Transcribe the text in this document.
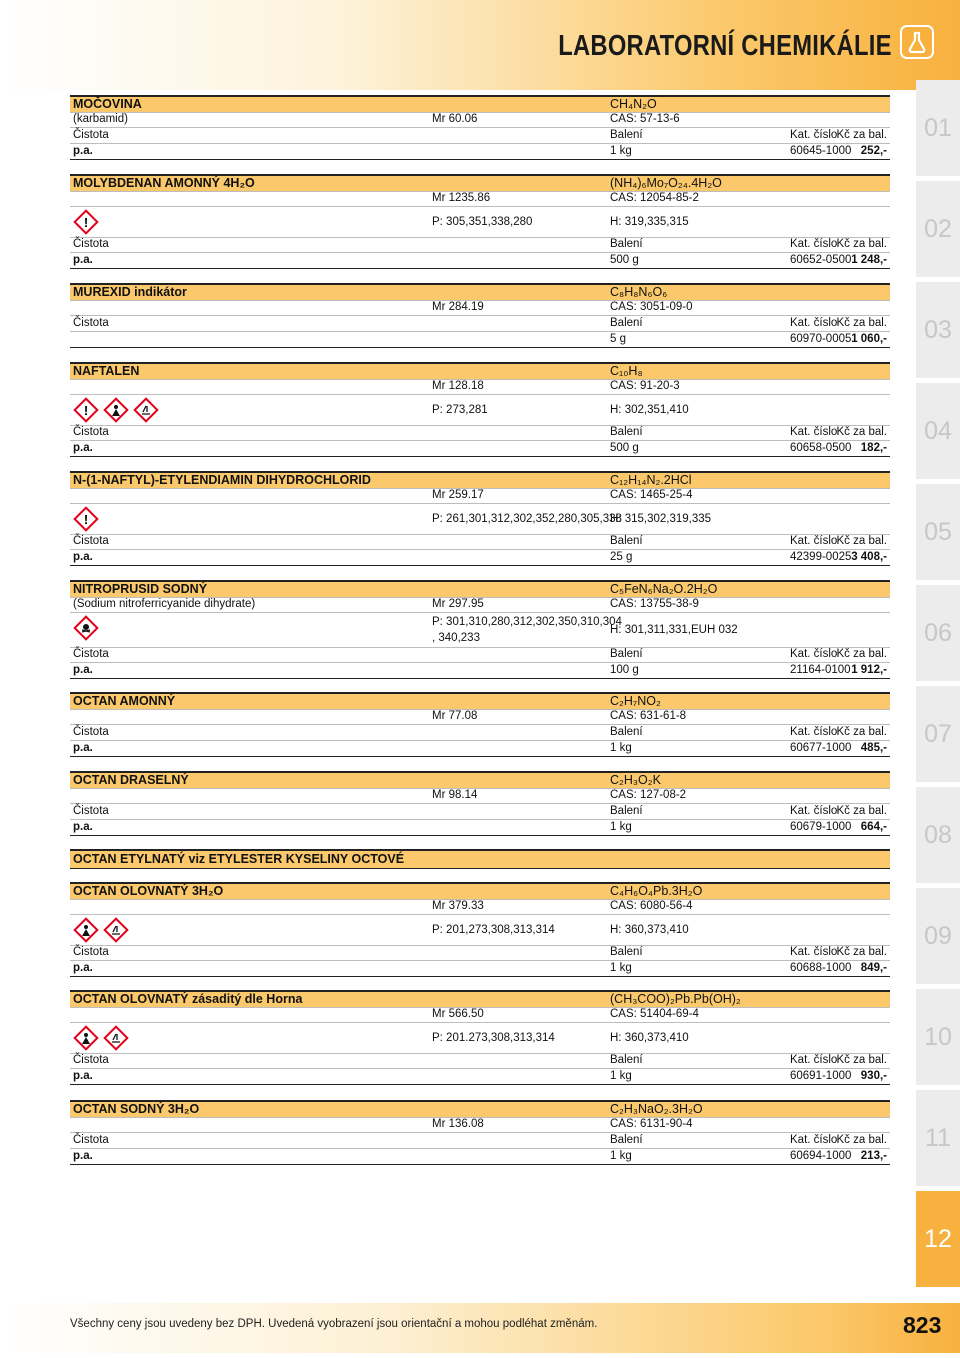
LABORATORNÍ CHEMIKÁLIE
01
02
03
04
05
06
07
08
09
10
11
12
MOČOVINA	CH₄N₂O
(karbamid)	Mr 60.06	CAS: 57-13-6
Čistota	Balení	Kat. číslo Kč za bal.
p.a.	1 kg	60645-1000 252,-
MOLYBDENAN AMONNÝ 4H₂O	(NH₄)₆Mo₇O₂₄.4H₂O
Mr 1235.86	CAS: 12054-85-2
!	P: 305,351,338,280	H: 319,335,315
Čistota	Balení	Kat. číslo Kč za bal.
p.a.	500 g	60652-0500 1 248,-
MUREXID indikátor	C₈H₈N₆O₆
Mr 284.19	CAS: 3051-09-0
Čistota	Balení	Kat. číslo Kč za bal.
5 g	60970-0005 1 060,-
NAFTALEN	C₁₀H₈
Mr 128.18	CAS: 91-20-3
!	P: 273,281	H: 302,351,410
Čistota	Balení	Kat. číslo Kč za bal.
p.a.	500 g	60658-0500 182,-
N-(1-NAFTYL)-ETYLENDIAMIN DIHYDROCHLORID	C₁₂H₁₄N₂.2HCl
Mr 259.17	CAS: 1465-25-4
!	P: 261,301,312,302,352,280,305,338
H: 315,302,319,335
Čistota	Balení	Kat. číslo Kč za bal.
p.a.	25 g	42399-0025 3 408,-
NITROPRUSID SODNÝ	C₅FeN₆Na₂O.2H₂O
(Sodium nitroferricyanide dihydrate)	Mr 297.95	CAS: 13755-38-9
P: 301,310,280,312,302,350,310,304
, 340,233
H: 301,311,331,EUH 032
Čistota	Balení	Kat. číslo Kč za bal.
p.a.	100 g	21164-0100 1 912,-
OCTAN AMONNÝ	C₂H₇NO₂
Mr 77.08	CAS: 631-61-8
Čistota	Balení	Kat. číslo Kč za bal.
p.a.	1 kg	60677-1000 485,-
OCTAN DRASELNÝ	C₂H₃O₂K
Mr 98.14	CAS: 127-08-2
Čistota	Balení	Kat. číslo Kč za bal.
p.a.	1 kg	60679-1000 664,-
OCTAN ETYLNATÝ viz ETYLESTER KYSELINY OCTOVÉ
OCTAN OLOVNATÝ 3H₂O	C₄H₆O₄Pb.3H₂O
Mr 379.33	CAS: 6080-56-4
P: 201,273,308,313,314	H: 360,373,410
Čistota	Balení	Kat. číslo Kč za bal.
p.a.	1 kg	60688-1000 849,-
OCTAN OLOVNATÝ zásaditý dle Horna	(CH₃COO)₂Pb.Pb(OH)₂
Mr 566.50	CAS: 51404-69-4
P: 201.273,308,313,314	H: 360,373,410
Čistota	Balení	Kat. číslo Kč za bal.
p.a.	1 kg	60691-1000 930,-
OCTAN SODNÝ 3H₂O	C₂H₃NaO₂.3H₂O
Mr 136.08	CAS: 6131-90-4
Čistota	Balení	Kat. číslo Kč za bal.
p.a.	1 kg	60694-1000 213,-
Všechny ceny jsou uvedeny bez DPH. Uvedená vyobrazení jsou orientační a mohou podléhat změnám.	823
